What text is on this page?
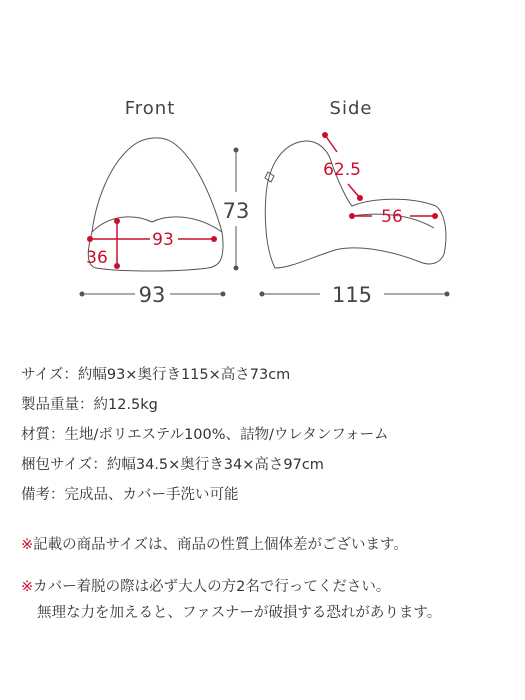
Front	Side
93
36
73
93
62.5
56
115
サイズ：約幅93×奥行き115×高さ73cm
製品重量：約12.5kg
材質：生地/ポリエステル100%、詰物/ウレタンフォーム
梱包サイズ：約幅34.5×奥行き34×高さ97cm
備考：完成品、カバー手洗い可能
※記載の商品サイズは、商品の性質上個体差がございます。
※カバー着脱の際は必ず大人の方2名で行ってください。
無理な力を加えると、ファスナーが破損する恐れがあります。
